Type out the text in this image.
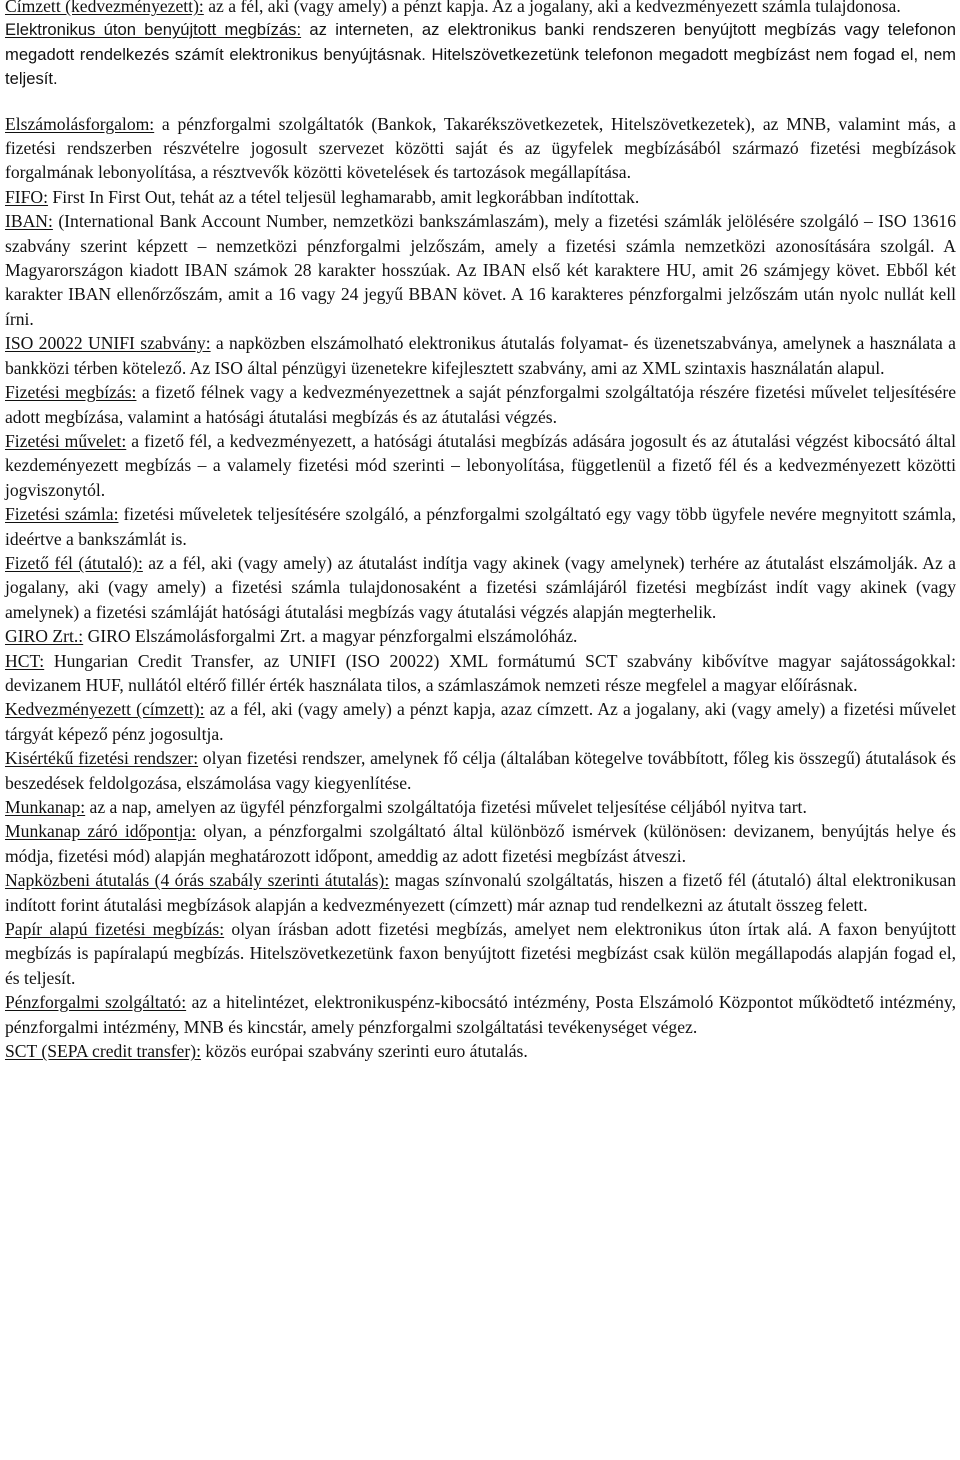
Címzett (kedvezményezett): az a fél, aki (vagy amely) a pénzt kapja. Az a jogalany, aki a kedvezményezett számla tulajdonosa.

Elektronikus úton benyújtott megbízás: az interneten, az elektronikus banki rendszeren benyújtott megbízás vagy telefonon megadott rendelkezés számít elektronikus benyújtásnak. Hitelszövetkezetünk telefonon megadott megbízást nem fogad el, nem teljesít.

Elszámolásforgalom: a pénzforgalmi szolgáltatók (Bankok, Takarékszövetkezetek, Hitelszövetkezetek), az MNB, valamint más, a fizetési rendszerben részvételre jogosult szervezet közötti saját és az ügyfelek megbízásából származó fizetési megbízások forgalmának lebonyolítása, a résztvevők közötti követelések és tartozások megállapítása.

FIFO: First In First Out, tehát az a tétel teljesül leghamarabb, amit legkorábban indítottak.

IBAN: (International Bank Account Number, nemzetközi bankszámlaszám), mely a fizetési számlák jelölésére szolgáló – ISO 13616 szabvány szerint képzett – nemzetközi pénzforgalmi jelzőszám, amely a fizetési számla nemzetközi azonosítására szolgál. A Magyarországon kiadott IBAN számok 28 karakter hosszúak. Az IBAN első két karaktere HU, amit 26 számjegy követ. Ebből két karakter IBAN ellenőrzőszám, amit a 16 vagy 24 jegyű BBAN követ. A 16 karakteres pénzforgalmi jelzőszám után nyolc nullát kell írni.

ISO 20022 UNIFI szabvány: a napközben elszámolható elektronikus átutalás folyamat- és üzenetszabványa, amelynek a használata a bankközi térben kötelező. Az ISO által pénzügyi üzenetekre kifejlesztett szabvány, ami az XML szintaxis használatán alapul.

Fizetési megbízás: a fizető félnek vagy a kedvezményezettnek a saját pénzforgalmi szolgáltatója részére fizetési művelet teljesítésére adott megbízása, valamint a hatósági átutalási megbízás és az átutalási végzés.

Fizetési művelet: a fizető fél, a kedvezményezett, a hatósági átutalási megbízás adására jogosult és az átutalási végzést kibocsátó által kezdeményezett megbízás – a valamely fizetési mód szerinti – lebonyolítása, függetlenül a fizető fél és a kedvezményezett közötti jogviszonytól.

Fizetési számla: fizetési műveletek teljesítésére szolgáló, a pénzforgalmi szolgáltató egy vagy több ügyfele nevére megnyitott számla, ideértve a bankszámlát is.

Fizető fél (átutaló): az a fél, aki (vagy amely) az átutalást indítja vagy akinek (vagy amelynek) terhére az átutalást elszámolják. Az a jogalany, aki (vagy amely) a fizetési számla tulajdonosaként a fizetési számlájáról fizetési megbízást indít vagy akinek (vagy amelynek) a fizetési számláját hatósági átutalási megbízás vagy átutalási végzés alapján megterhelik.

GIRO Zrt.: GIRO Elszámolásforgalmi Zrt. a magyar pénzforgalmi elszámolóház.

HCT: Hungarian Credit Transfer, az UNIFI (ISO 20022) XML formátumú SCT szabvány kibővítve magyar sajátosságokkal: devizanem HUF, nullától eltérő fillér érték használata tilos, a számlaszámok nemzeti része megfelel a magyar előírásnak.

Kedvezményezett (címzett): az a fél, aki (vagy amely) a pénzt kapja, azaz címzett. Az a jogalany, aki (vagy amely) a fizetési művelet tárgyát képező pénz jogosultja.

Kisértékű fizetési rendszer: olyan fizetési rendszer, amelynek fő célja (általában kötegelve továbbított, főleg kis összegű) átutalások és beszedések feldolgozása, elszámolása vagy kiegyenlítése.

Munkanap: az a nap, amelyen az ügyfél pénzforgalmi szolgáltatója fizetési művelet teljesítése céljából nyitva tart.

Munkanap záró időpontja: olyan, a pénzforgalmi szolgáltató által különböző ismérvek (különösen: devizanem, benyújtás helye és módja, fizetési mód) alapján meghatározott időpont, ameddig az adott fizetési megbízást átveszi.

Napközbeni átutalás (4 órás szabály szerinti átutalás): magas színvonalú szolgáltatás, hiszen a fizető fél (átutaló) által elektronikusan indított forint átutalási megbízások alapján a kedvezményezett (címzett) már aznap tud rendelkezni az átutalt összeg felett.

Papír alapú fizetési megbízás: olyan írásban adott fizetési megbízás, amelyet nem elektronikus úton írtak alá. A faxon benyújtott megbízás is papíralapú megbízás. Hitelszövetkezetünk faxon benyújtott fizetési megbízást csak külön megállapodás alapján fogad el, és teljesít.

Pénzforgalmi szolgáltató: az a hitelintézet, elektronikuspénz-kibocsátó intézmény, Posta Elszámoló Központot működtető intézmény, pénzforgalmi intézmény, MNB és kincstár, amely pénzforgalmi szolgáltatási tevékenységet végez.

SCT (SEPA credit transfer): közös európai szabvány szerinti euro átutalás.
